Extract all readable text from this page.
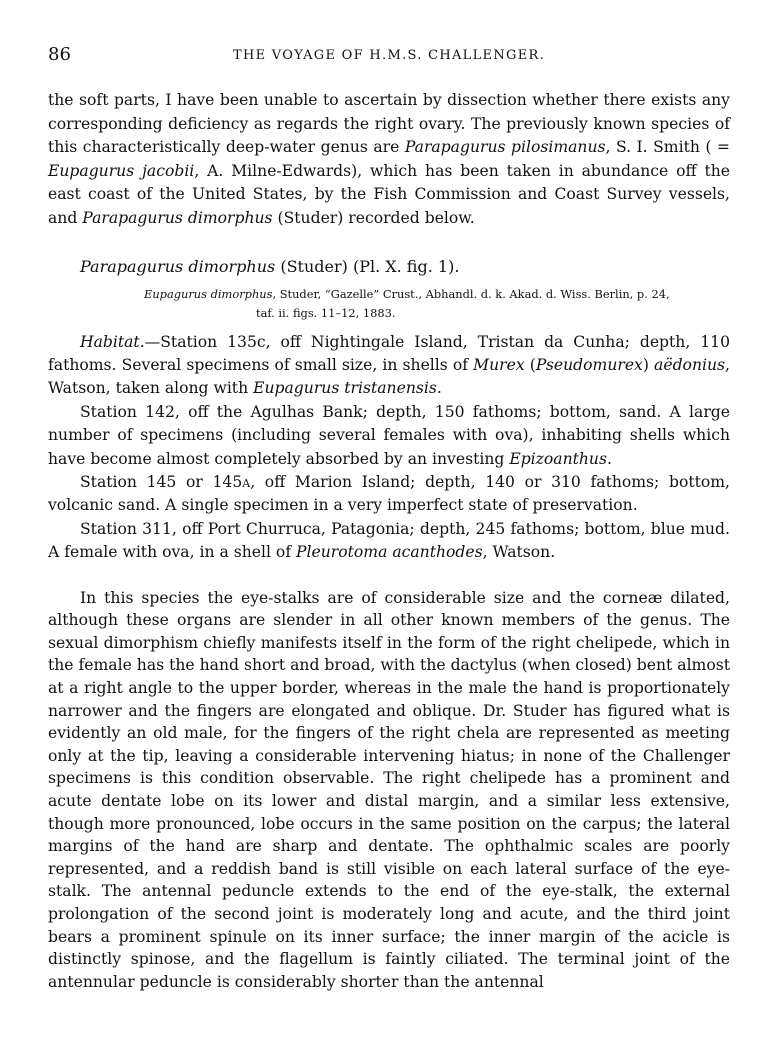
86	THE VOYAGE OF H.M.S. CHALLENGER.

the soft parts, I have been unable to ascertain by dissection whether there exists any corresponding deficiency as regards the right ovary. The previously known species of this characteristically deep-water genus are Parapagurus pilosimanus, S. I. Smith ( = Eupagurus jacobii, A. Milne-Edwards), which has been taken in abundance off the east coast of the United States, by the Fish Commission and Coast Survey vessels, and Parapagurus dimorphus (Studer) recorded below.

Parapagurus dimorphus (Studer) (Pl. X. fig. 1).

Eupagurus dimorphus, Studer, “Gazelle” Crust., Abhandl. d. k. Akad. d. Wiss. Berlin, p. 24,
taf. ii. figs. 11–12, 1883.

Habitat.—Station 135c, off Nightingale Island, Tristan da Cunha; depth, 110 fathoms. Several specimens of small size, in shells of Murex (Pseudomurex) aëdonius, Watson, taken along with Eupagurus tristanensis.

Station 142, off the Agulhas Bank; depth, 150 fathoms; bottom, sand. A large number of specimens (including several females with ova), inhabiting shells which have become almost completely absorbed by an investing Epizoanthus.

Station 145 or 145a, off Marion Island; depth, 140 or 310 fathoms; bottom, volcanic sand. A single specimen in a very imperfect state of preservation.

Station 311, off Port Churruca, Patagonia; depth, 245 fathoms; bottom, blue mud. A female with ova, in a shell of Pleurotoma acanthodes, Watson.

In this species the eye-stalks are of considerable size and the corneæ dilated, although these organs are slender in all other known members of the genus. The sexual dimorphism chiefly manifests itself in the form of the right chelipede, which in the female has the hand short and broad, with the dactylus (when closed) bent almost at a right angle to the upper border, whereas in the male the hand is proportionately narrower and the fingers are elongated and oblique. Dr. Studer has figured what is evidently an old male, for the fingers of the right chela are represented as meeting only at the tip, leaving a considerable intervening hiatus; in none of the Challenger specimens is this condition observable. The right chelipede has a prominent and acute dentate lobe on its lower and distal margin, and a similar less extensive, though more pronounced, lobe occurs in the same position on the carpus; the lateral margins of the hand are sharp and dentate. The ophthalmic scales are poorly represented, and a reddish band is still visible on each lateral surface of the eye-stalk. The antennal peduncle extends to the end of the eye-stalk, the external prolongation of the second joint is moderately long and acute, and the third joint bears a prominent spinule on its inner surface; the inner margin of the acicle is distinctly spinose, and the flagellum is faintly ciliated. The terminal joint of the antennular peduncle is considerably shorter than the antennal
